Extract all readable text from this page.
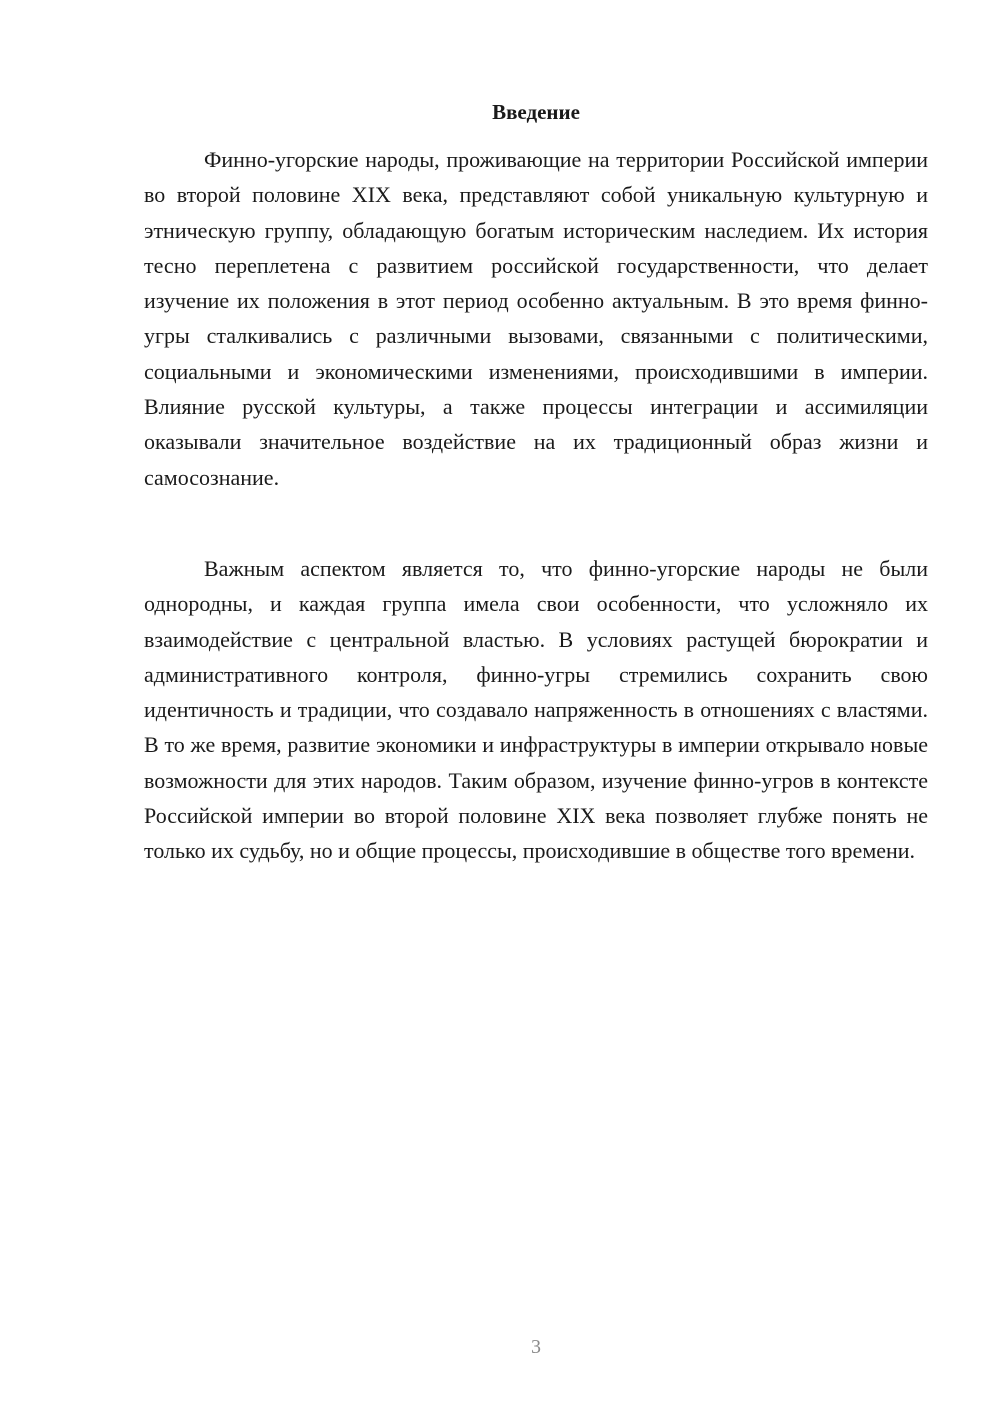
Введение

Финно-угорские народы, проживающие на территории Российской империи во второй половине XIX века, представляют собой уникальную культурную и этническую группу, обладающую богатым историческим наследием. Их история тесно переплетена с развитием российской государственности, что делает изучение их положения в этот период особенно актуальным. В это время финно-угры сталкивались с различными вызовами, связанными с политическими, социальными и экономическими изменениями, происходившими в империи. Влияние русской культуры, а также процессы интеграции и ассимиляции оказывали значительное воздействие на их традиционный образ жизни и самосознание.

Важным аспектом является то, что финно-угорские народы не были однородны, и каждая группа имела свои особенности, что усложняло их взаимодействие с центральной властью. В условиях растущей бюрократии и административного контроля, финно-угры стремились сохранить свою идентичность и традиции, что создавало напряженность в отношениях с властями. В то же время, развитие экономики и инфраструктуры в империи открывало новые возможности для этих народов. Таким образом, изучение финно-угров в контексте Российской империи во второй половине XIX века позволяет глубже понять не только их судьбу, но и общие процессы, происходившие в обществе того времени.

3
